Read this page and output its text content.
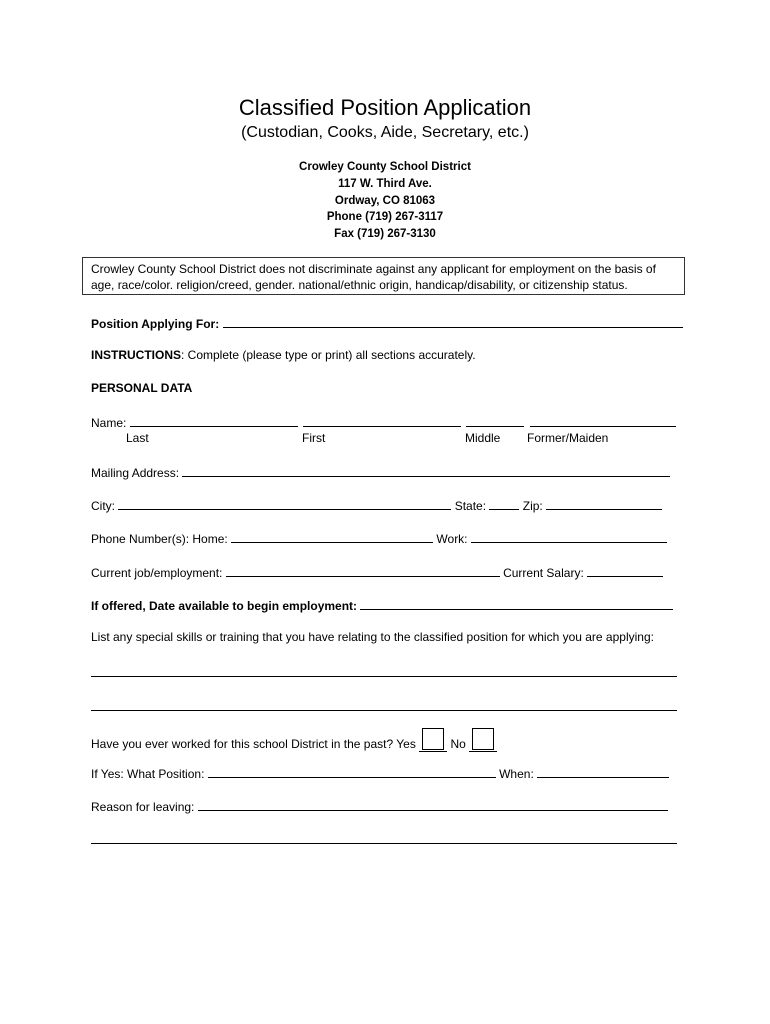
Classified Position Application
(Custodian, Cooks, Aide, Secretary, etc.)
Crowley County School District
117 W. Third Ave.
Ordway, CO 81063
Phone (719) 267-3117
Fax (719) 267-3130
Crowley County School District does not discriminate against any applicant for employment on the basis of age, race/color. religion/creed, gender. national/ethnic origin, handicap/disability, or citizenship status.
Position Applying For:
INSTRUCTIONS: Complete (please type or print) all sections accurately.
PERSONAL DATA
Name:
Last	First	Middle Former/Maiden
Mailing Address:
City:	State:	Zip:
Phone Number(s): Home:	Work:
Current job/employment:	Current Salary:
If offered, Date available to begin employment:
List any special skills or training that you have relating to the classified position for which you are applying:
Have you ever worked for this school District in the past? Yes	No
If Yes: What Position:	When:
Reason for leaving:
